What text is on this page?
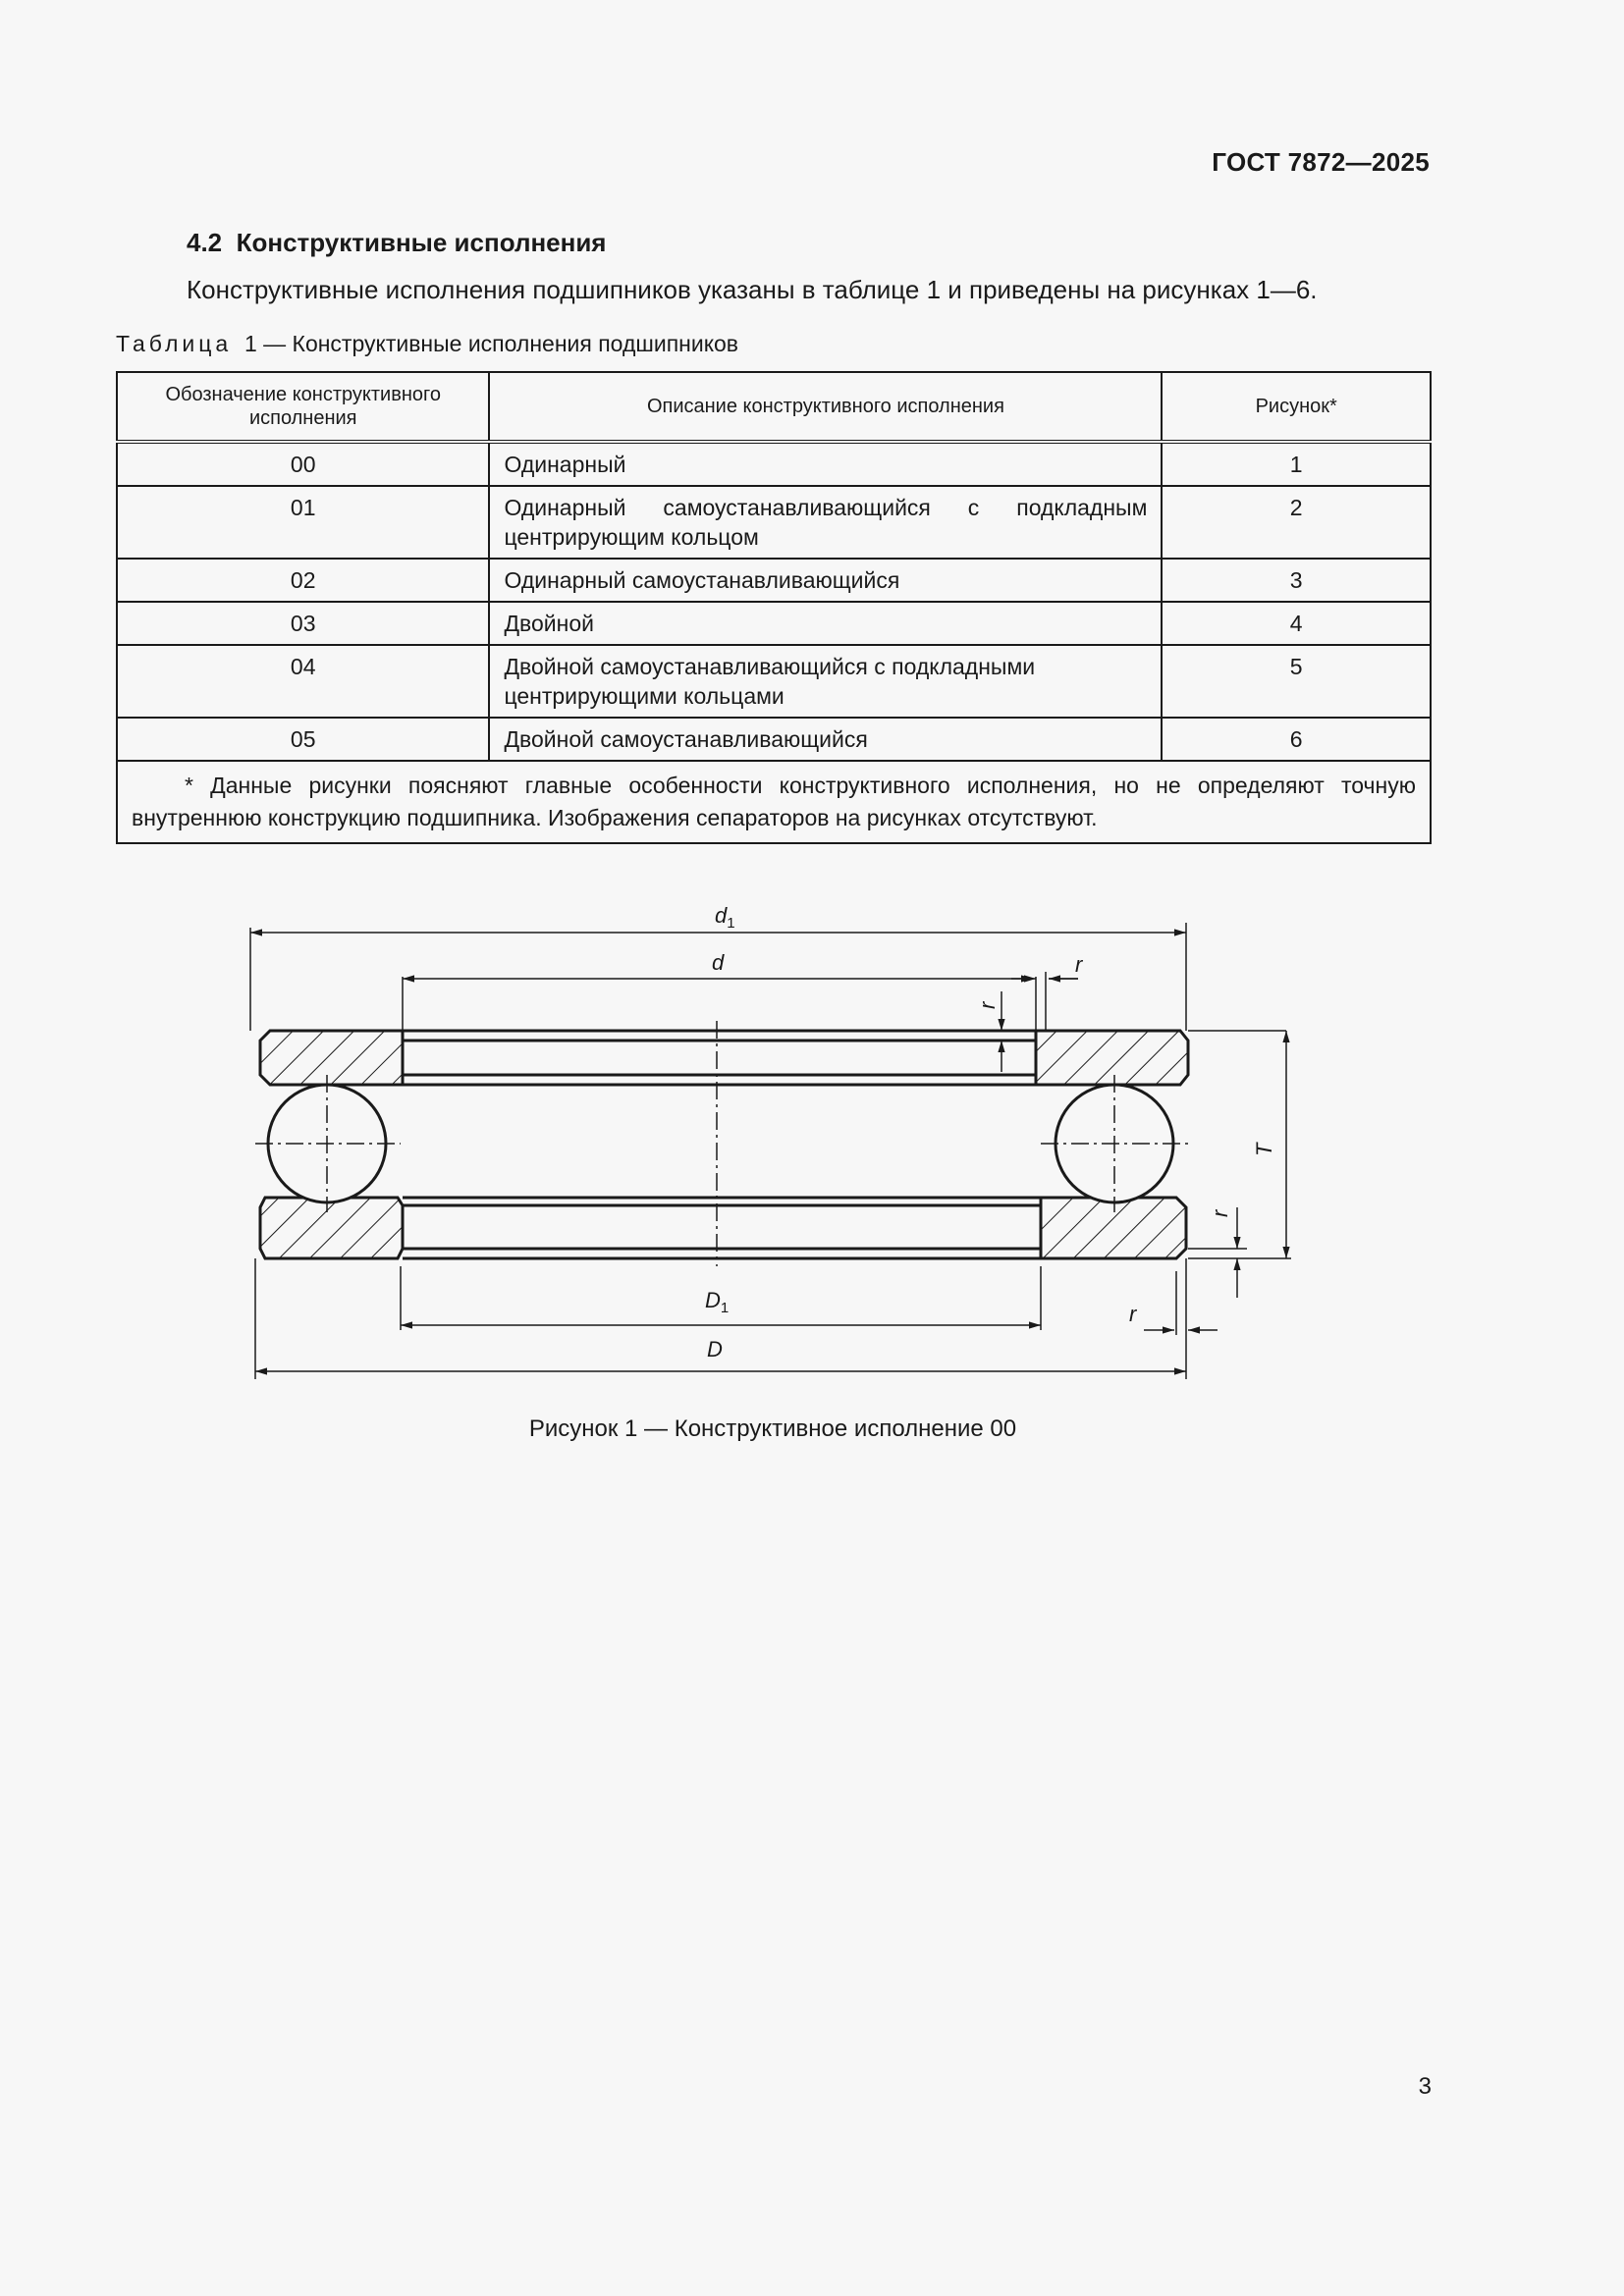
ГОСТ 7872—2025
4.2 Конструктивные исполнения
Конструктивные исполнения подшипников указаны в таблице 1 и приведены на рисунках 1—6.
Таблица 1 — Конструктивные исполнения подшипников
Обозначение конструктивного исполнения	Описание конструктивного исполнения	Рисунок*
00	Одинарный	1
01	Одинарный самоустанавливающийся с подкладным центрирующим кольцом	2
02	Одинарный самоустанавливающийся	3
03	Двойной	4
04	Двойной самоустанавливающийся с подкладными центрирующими кольцами	5
05	Двойной самоустанавливающийся	6

* Данные рисунки поясняют главные особенности конструктивного исполнения, но не определяют точную внутреннюю конструкцию подшипника. Изображения сепараторов на рисунках отсутствуют.		
$d_1$
d	r
r
T
r
$D_1$	r
D
Рисунок 1 — Конструктивное исполнение 00
3
